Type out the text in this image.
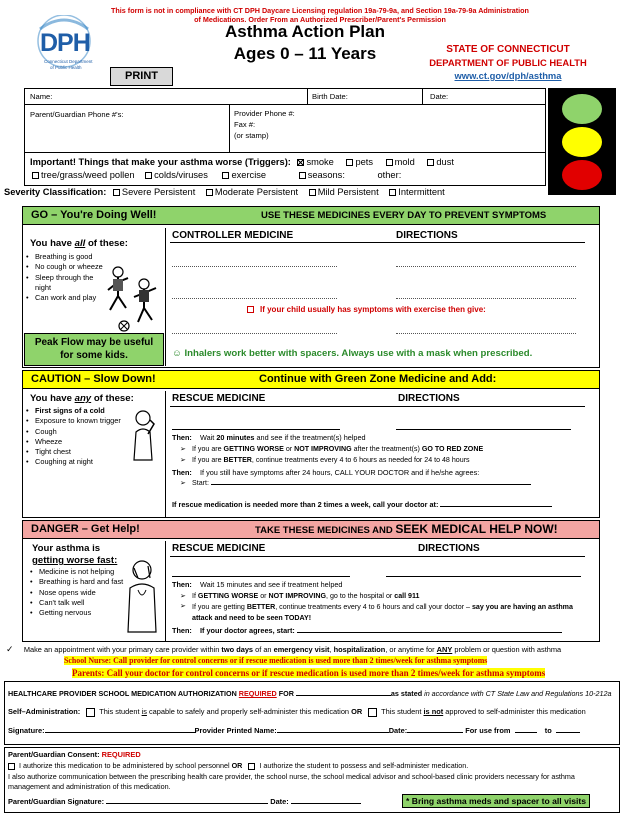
This form is not in compliance with CT DPH Daycare Licensing regulation 19a-79-9a, and Section 19a-79-9a Administration of Medications. Order From an Authorized Prescriber/Parent's Permission
DPH
Connecticut Department
of Public Health
PRINT
Asthma Action Plan
Ages 0 – 11 Years	STATE OF CONNECTICUT
DEPARTMENT OF PUBLIC HEALTH
www.ct.gov/dph/asthma
Name:	Birth Date:	Date:
Parent/Guardian Phone #'s:	Provider Phone #:
Fax #:
(or stamp)
Important! Things that make your asthma worse (Triggers): smoke pets mold dust
tree/grass/weed pollen colds/viruses	exercise	seasons:	other:
Severity Classification: Severe Persistent Moderate Persistent Mild Persistent Intermittent
GO – You're Doing Well!	USE THESE MEDICINES EVERY DAY TO PREVENT SYMPTOMS
You have all of these:
• Breathing is good
• No cough or wheeze
• Sleep through the night
• Can work and play
CONTROLLER MEDICINE	DIRECTIONS
If your child usually has symptoms with exercise then give:
Peak Flow may be useful for some kids.	☺ Inhalers work better with spacers. Always use with a mask when prescribed.
CAUTION – Slow Down!	Continue with Green Zone Medicine and Add:
You have any of these:
• First signs of a cold
• Exposure to known trigger
• Cough
• Wheeze
• Tight chest
• Coughing at night
RESCUE MEDICINE	DIRECTIONS
Then: Wait 20 minutes and see if the treatment(s) helped
➢ If you are GETTING WORSE or NOT IMPROVING after the treatment(s) GO TO RED ZONE
➢ If you are BETTER, continue treatments every 4 to 6 hours as needed for 24 to 48 hours
Then: If you still have symptoms after 24 hours, CALL YOUR DOCTOR and if he/she agrees:
➢ Start:
If rescue medication is needed more than 2 times a week, call your doctor at:
DANGER – Get Help!	TAKE THESE MEDICINES AND SEEK MEDICAL HELP NOW!
Your asthma is
getting worse fast:
• Medicine is not helping
• Breathing is hard and fast
• Nose opens wide
• Can't talk well
• Getting nervous
RESCUE MEDICINE	DIRECTIONS
Then: Wait 15 minutes and see if treatment helped
➢ If GETTING WORSE or NOT IMPROVING, go to the hospital or call 911
➢ If you are getting BETTER, continue treatments every 4 to 6 hours and call your doctor – say you are having an asthma attack and need to be seen TODAY!
Then: If your doctor agrees, start:
✓ Make an appointment with your primary care provider within two days of an emergency visit, hospitalization, or anytime for ANY problem or question with asthma
School Nurse: Call provider for control concerns or if rescue medication is used more than 2 times/week for asthma symptoms
Parents: Call your doctor for control concerns or if rescue medication is used more than 2 times/week for asthma symptoms
HEALTHCARE PROVIDER SCHOOL MEDICATION AUTHORIZATION REQUIRED FOR	as stated in accordance with CT State Law and Regulations 10-212a
Self–Administration:  This student is capable to safely and properly self-administer this medication OR  This student is not approved to self-administer this medication
Signature:	Provider Printed Name:	Date:	For use from	to
Parent/Guardian Consent: REQUIRED
I authorize this medication to be administered by school personnel OR  I authorize the student to possess and self-administer medication.
I also authorize communication between the prescribing health care provider, the school nurse, the school medical advisor and school-based clinic providers necessary for asthma management and administration of this medication.
Parent/Guardian Signature:	Date:	* Bring asthma meds and spacer to all visits
